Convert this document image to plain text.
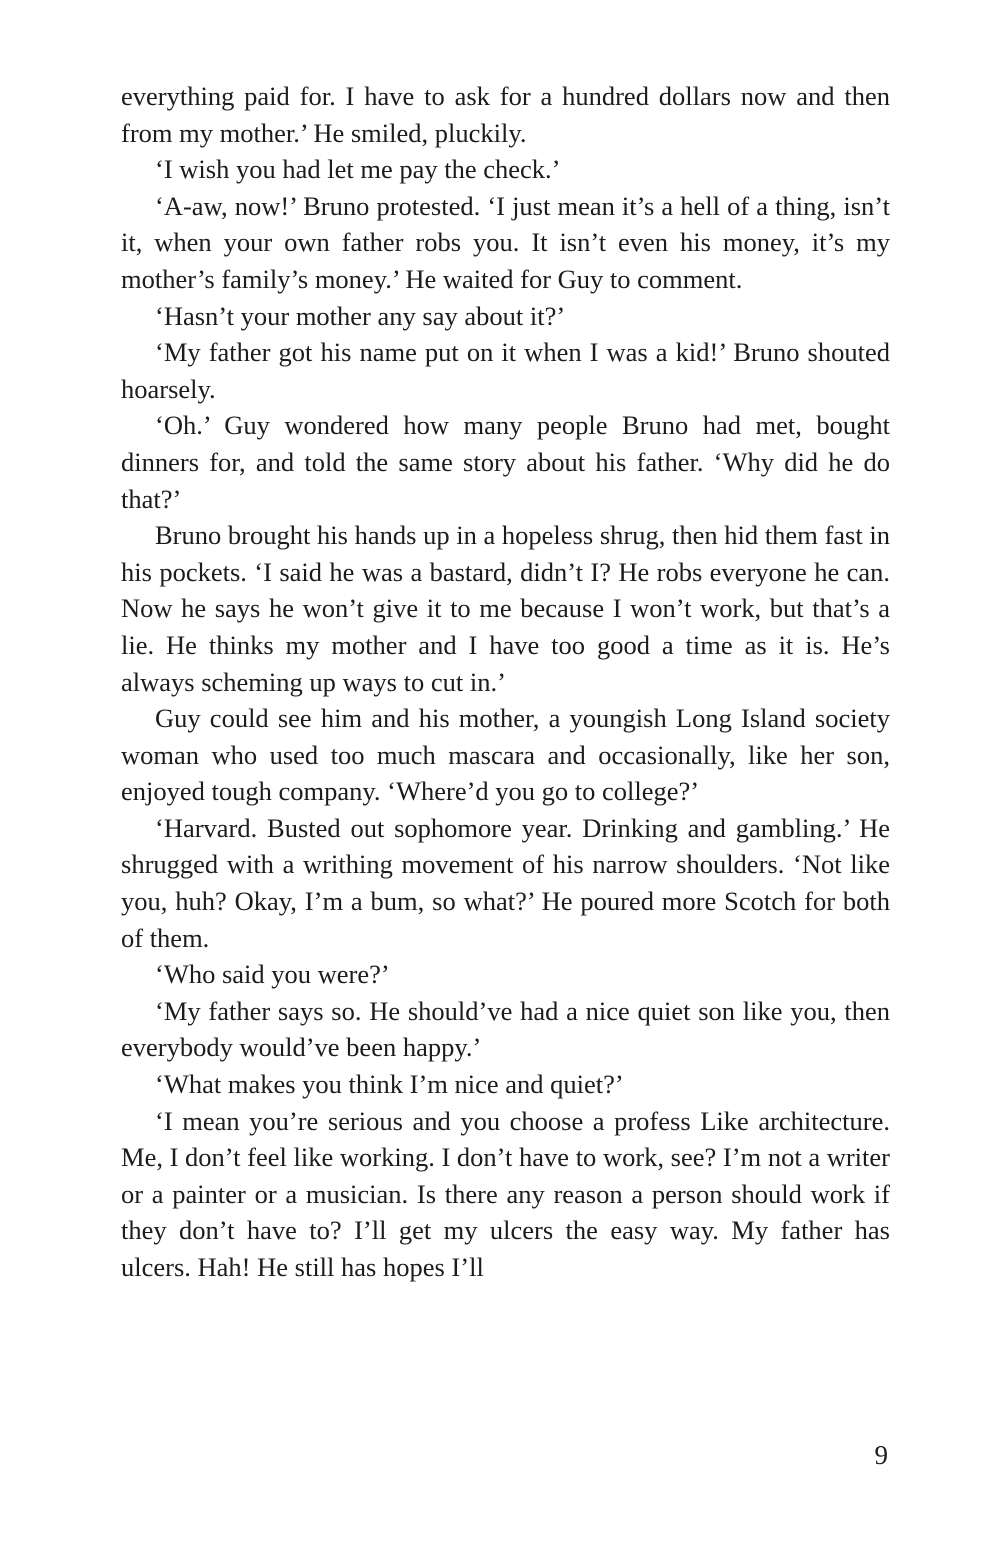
everything paid for. I have to ask for a hundred dollars now and then from my mother.’ He smiled, pluckily.

‘I wish you had let me pay the check.’

‘A-aw, now!’ Bruno protested. ‘I just mean it’s a hell of a thing, isn’t it, when your own father robs you. It isn’t even his money, it’s my mother’s family’s money.’ He waited for Guy to comment.

‘Hasn’t your mother any say about it?’

‘My father got his name put on it when I was a kid!’ Bruno shouted hoarsely.

‘Oh.’ Guy wondered how many people Bruno had met, bought dinners for, and told the same story about his father. ‘Why did he do that?’

Bruno brought his hands up in a hopeless shrug, then hid them fast in his pockets. ‘I said he was a bastard, didn’t I? He robs everyone he can. Now he says he won’t give it to me because I won’t work, but that’s a lie. He thinks my mother and I have too good a time as it is. He’s always scheming up ways to cut in.’

Guy could see him and his mother, a youngish Long Island society woman who used too much mascara and occasionally, like her son, enjoyed tough company. ‘Where’d you go to college?’

‘Harvard. Busted out sophomore year. Drinking and gambling.’ He shrugged with a writhing movement of his narrow shoulders. ‘Not like you, huh? Okay, I’m a bum, so what?’ He poured more Scotch for both of them.

‘Who said you were?’

‘My father says so. He should’ve had a nice quiet son like you, then everybody would’ve been happy.’

‘What makes you think I’m nice and quiet?’

‘I mean you’re serious and you choose a profess Like architecture. Me, I don’t feel like working. I don’t have to work, see? I’m not a writer or a painter or a musician. Is there any reason a person should work if they don’t have to? I’ll get my ulcers the easy way. My father has ulcers. Hah! He still has hopes I’ll

9
